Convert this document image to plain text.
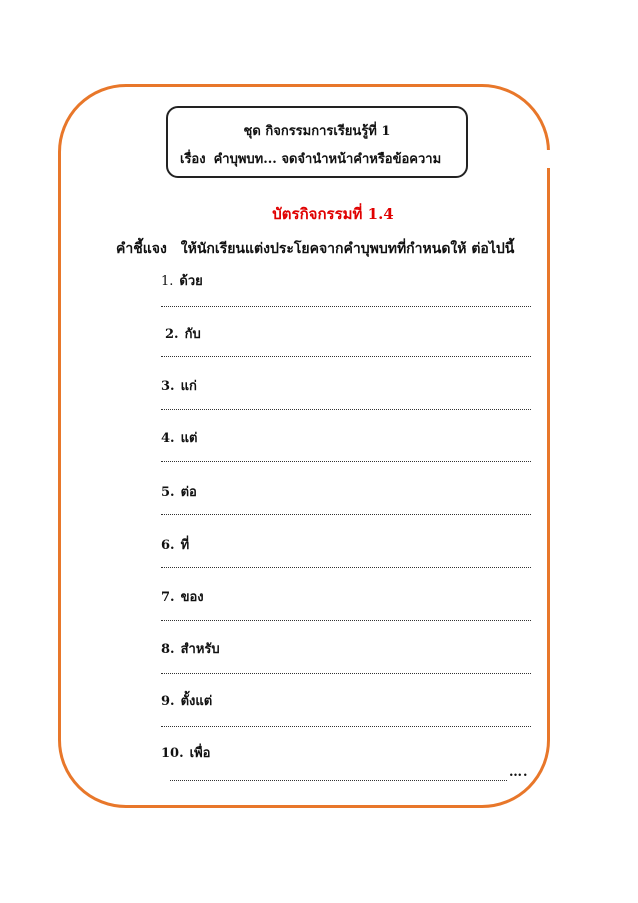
ชุด กิจกรรมการเรียนรู้ที่ 1
เรื่อง คำบุพบท... จดจำนำหน้าคำหรือข้อความ
บัตรกิจกรรมที่ 1.4
คำชี้แจง ให้นักเรียนแต่งประโยคจากคำบุพบทที่กำหนดให้ ต่อไปนี้
1. ด้วย
2. กับ
3. แก่
4. แต่
5. ต่อ
6. ที่
7. ของ
8. สำหรับ
9. ตั้งแต่
10. เพื่อ
….
